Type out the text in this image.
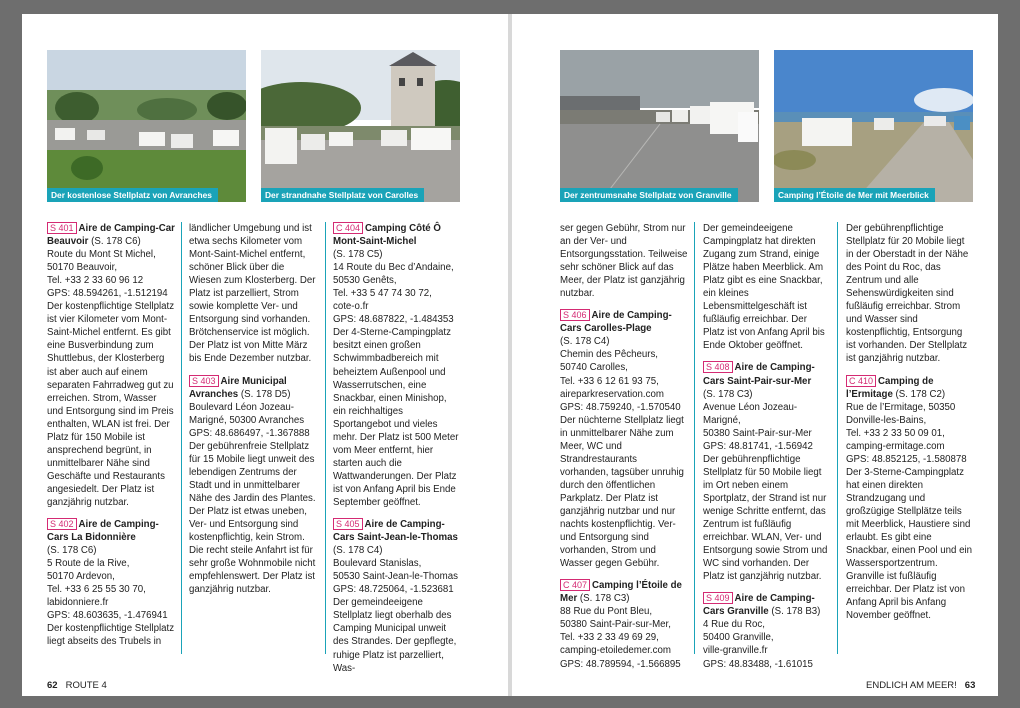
Der kostenlose Stellplatz von Avranches	Der strandnahe Stellplatz von Carolles	Der zentrumsnahe Stellplatz von Granville	Camping l’Étoile de Mer mit Meerblick

S 401 Aire de Camping-Car Beauvoir (S. 178 C6)

Route du Mont St Michel,

50170 Beauvoir,

Tel. +33 2 33 60 96 12

GPS: 48.594261, -1.512194

Der kostenpflichtige Stellplatz ist vier Kilometer vom Mont-Saint-Michel entfernt. Es gibt eine Busverbindung zum Shuttlebus, der Klosterberg ist aber auch auf einem separaten Fahrradweg gut zu erreichen. Strom, Wasser und Entsorgung sind im Preis enthalten, WLAN ist frei. Der Platz für 150 Mobile ist ansprechend begrünt, in unmittelbarer Nähe sind Geschäfte und Restaurants angesiedelt. Der Platz ist ganzjährig nutzbar.

S 402 Aire de Camping-Cars La Bidonnière

(S. 178 C6)

5 Route de la Rive,

50170 Ardevon,

Tel. +33 6 25 55 30 70,

labidonniere.fr

GPS: 48.603635, -1.476941

Der kostenpflichtige Stellplatz liegt abseits des Trubels in

ländlicher Umgebung und ist etwa sechs Kilometer vom Mont-Saint-Michel entfernt, schöner Blick über die Wiesen zum Klosterberg. Der Platz ist parzelliert, Strom sowie komplette Ver- und Entsorgung sind vorhanden. Brötchenservice ist möglich. Der Platz ist von Mitte März bis Ende Dezember nutzbar.

S 403 Aire Municipal Avranches (S. 178 D5)

Boulevard Léon Jozeau-Marigné, 50300 Avranches

GPS: 48.686497, -1.367888

Der gebührenfreie Stellplatz für 15 Mobile liegt unweit des lebendigen Zentrums der Stadt und in unmittelbarer Nähe des Jardin des Plantes. Der Platz ist etwas uneben, Ver- und Entsorgung sind kostenpflichtig, kein Strom. Die recht steile Anfahrt ist für sehr große Wohnmobile nicht empfehlenswert. Der Platz ist ganzjährig nutzbar.

C 404 Camping Côté Ô Mont-Saint-Michel

(S. 178 C5)

14 Route du Bec d’Andaine,

50530 Genêts,

Tel. +33 5 47 74 30 72,

cote-o.fr

GPS: 48.687822, -1.484353

Der 4-Sterne-Campingplatz besitzt einen großen Schwimmbadbereich mit beheiztem Außenpool und Wasserrutschen, eine Snackbar, einen Minishop, ein reichhaltiges Sportangebot und vieles mehr. Der Platz ist 500 Meter vom Meer entfernt, hier starten auch die Wattwanderungen. Der Platz ist von Anfang April bis Ende September geöffnet.

S 405 Aire de Camping-Cars Saint-Jean-le-Thomas

(S. 178 C4)

Boulevard Stanislas,

50530 Saint-Jean-le-Thomas

GPS: 48.725064, -1.523681

Der gemeindeeigene Stellplatz liegt oberhalb des Camping Municipal unweit des Strandes. Der gepflegte, ruhige Platz ist parzelliert, Was-

ser gegen Gebühr, Strom nur an der Ver- und Entsorgungsstation. Teilweise sehr schöner Blick auf das Meer, der Platz ist ganzjährig nutzbar.

S 406 Aire de Camping-Cars Carolles-Plage

(S. 178 C4)

Chemin des Pêcheurs,

50740 Carolles,

Tel. +33 6 12 61 93 75,

aireparkreservation.com

GPS: 48.759240, -1.570540

Der nüchterne Stellplatz liegt in unmittelbarer Nähe zum Meer, WC und Strandrestaurants vorhanden, tagsüber unruhig durch den öffentlichen Parkplatz. Der Platz ist ganzjährig nutzbar und nur nachts kostenpflichtig. Ver- und Entsorgung sind vorhanden, Strom und Wasser gegen Gebühr.

C 407 Camping l’Étoile de Mer (S. 178 C3)

88 Rue du Pont Bleu,

50380 Saint-Pair-sur-Mer,

Tel. +33 2 33 49 69 29,

camping-etoiledemer.com

GPS: 48.789594, -1.566895

Der gemeindeeigene Campingplatz hat direkten Zugang zum Strand, einige Plätze haben Meerblick. Am Platz gibt es eine Snackbar, ein kleines Lebensmittelgeschäft ist fußläufig erreichbar. Der Platz ist von Anfang April bis Ende Oktober geöffnet.

S 408 Aire de Camping-Cars Saint-Pair-sur-Mer

(S. 178 C3)

Avenue Léon Jozeau-Marigné,

50380 Saint-Pair-sur-Mer

GPS: 48.81741, -1.56942

Der gebührenpflichtige Stellplatz für 50 Mobile liegt im Ort neben einem Sportplatz, der Strand ist nur wenige Schritte entfernt, das Zentrum ist fußläufig erreichbar. WLAN, Ver- und Entsorgung sowie Strom und WC sind vorhanden. Der Platz ist ganzjährig nutzbar.

S 409 Aire de Camping-Cars Granville (S. 178 B3)

4 Rue du Roc,

50400 Granville,

ville-granville.fr

GPS: 48.83488, -1.61015

Der gebührenpflichtige Stellplatz für 20 Mobile liegt in der Oberstadt in der Nähe des Point du Roc, das Zentrum und alle Sehenswürdigkeiten sind fußläufig erreichbar. Strom und Wasser sind kostenpflichtig, Entsorgung ist vorhanden. Der Stellplatz ist ganzjährig nutzbar.

C 410 Camping de l’Ermitage (S. 178 C2)

Rue de l’Ermitage, 50350 Donville-les-Bains,

Tel. +33 2 33 50 09 01,

camping-ermitage.com

GPS: 48.852125, -1.580878

Der 3-Sterne-Campingplatz hat einen direkten Strandzugang und großzügige Stellplätze teils mit Meerblick, Haustiere sind erlaubt. Es gibt eine Snackbar, einen Pool und ein Wassersportzentrum. Granville ist fußläufig erreichbar. Der Platz ist von Anfang April bis Anfang November geöffnet.

62 ROUTE 4	ENDLICH AM MEER! 63
